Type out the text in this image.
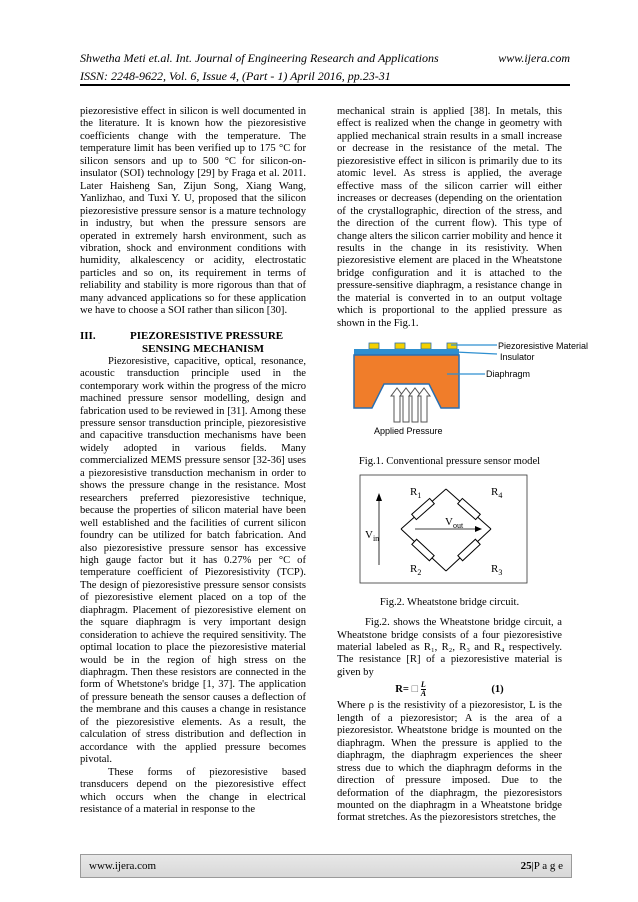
Shwetha Meti et.al. Int. Journal of Engineering Research and Applications	www.ijera.com
ISSN: 2248-9622, Vol. 6, Issue 4, (Part - 1) April 2016, pp.23-31

piezoresistive effect in silicon is well documented in the literature. It is known how the piezoresistive coefficients change with the temperature. The temperature limit has been verified up to 175 °C for silicon sensors and up to 500 °C for silicon-on-insulator (SOI) technology [29] by Fraga et al. 2011. Later Haisheng San, Zijun Song, Xiang Wang, Yanlizhao, and Tuxi Y. U, proposed that the silicon piezoresistive pressure sensor is a mature technology in industry, but when the pressure sensors are operated in extremely harsh environment, such as vibration, shock and environment conditions with humidity, alkalescency or acidity, electrostatic particles and so on, its requirement in terms of reliability and stability is more rigorous than that of many advanced applications so for these application we have to choose a SOI rather than silicon [30].

III.	PIEZORESISTIVE PRESSURE
SENSING MECHANISM

Piezoresistive, capacitive, optical, resonance, acoustic transduction principle used in the contemporary work within the progress of the micro machined pressure sensor modelling, design and fabrication used to be reviewed in [31]. Among these pressure sensor transduction principle, piezoresistive and capacitive transduction mechanisms have been widely adopted in various fields. Many commercialized MEMS pressure sensor [32-36] uses a piezoresistive transduction mechanism in order to shows the pressure change in the resistance. Most researchers preferred piezoresistive technique, because the properties of silicon material have been well established and the facilities of current silicon foundry can be utilized for batch fabrication. And also piezoresistive pressure sensor has excessive high gauge factor but it has 0.27% per °C of temperature coefficient of Piezoresistivity (TCP). The design of piezoresistive pressure sensor consists of piezoresistive element placed on a top of the diaphragm. Placement of piezoresistive element on the square diaphragm is very important design consideration to achieve the required sensitivity. The optimal location to place the piezoresistive material would be in the region of high stress on the diaphragm. Then these resistors are connected in the form of Whetstone's bridge [1, 37]. The application of pressure beneath the sensor causes a deflection of the membrane and this causes a change in resistance of the piezoresistive elements. As a result, the calculation of stress distribution and deflection in accordance with the applied pressure becomes pivotal.

These forms of piezoresistive based transducers depend on the piezoresistive effect which occurs when the change in electrical resistance of a material in response to the

mechanical strain is applied [38]. In metals, this effect is realized when the change in geometry with applied mechanical strain results in a small increase or decrease in the resistance of the metal. The piezoresistive effect in silicon is primarily due to its atomic level. As stress is applied, the average effective mass of the silicon carrier will either increases or decreases (depending on the orientation of the crystallographic, direction of the stress, and the direction of the current flow). This type of change alters the silicon carrier mobility and hence it results in the change in its resistivity. When piezoresistive element are placed in the Wheatstone bridge configuration and it is attached to the pressure-sensitive diaphragm, a resistance change in the material is converted in to an output voltage which is proportional to the applied pressure as shown in the Fig.1.

Piezoresistive Material
Insulator
Diaphragm
Applied Pressure
Fig.1. Conventional pressure sensor model
$R_1$	$R_4$
$R_2$	$R_3$
$V_{out}$
$V_{in}$
Fig.2. Wheatstone bridge circuit.

Fig.2. shows the Wheatstone bridge circuit, a Wheatstone bridge consists of a four piezoresistive material labeled as R₁, R₂, R₃ and R₄ respectively. The resistance [R] of a piezoresistive material is given by

R= □ $\frac{L}{A}$	(1)

Where ρ is the resistivity of a piezoresistor, L is the length of a piezoresistor; A is the area of a piezoresistor. Wheatstone bridge is mounted on the diaphragm. When the pressure is applied to the diaphragm, the diaphragm experiences the sheer stress due to which the diaphragm deforms in the direction of pressure imposed. Due to the deformation of the diaphragm, the piezoresistors mounted on the diaphragm in a Wheatstone bridge format stretches. As the piezoresistors stretches, the

www.ijera.com	25|P a g e
